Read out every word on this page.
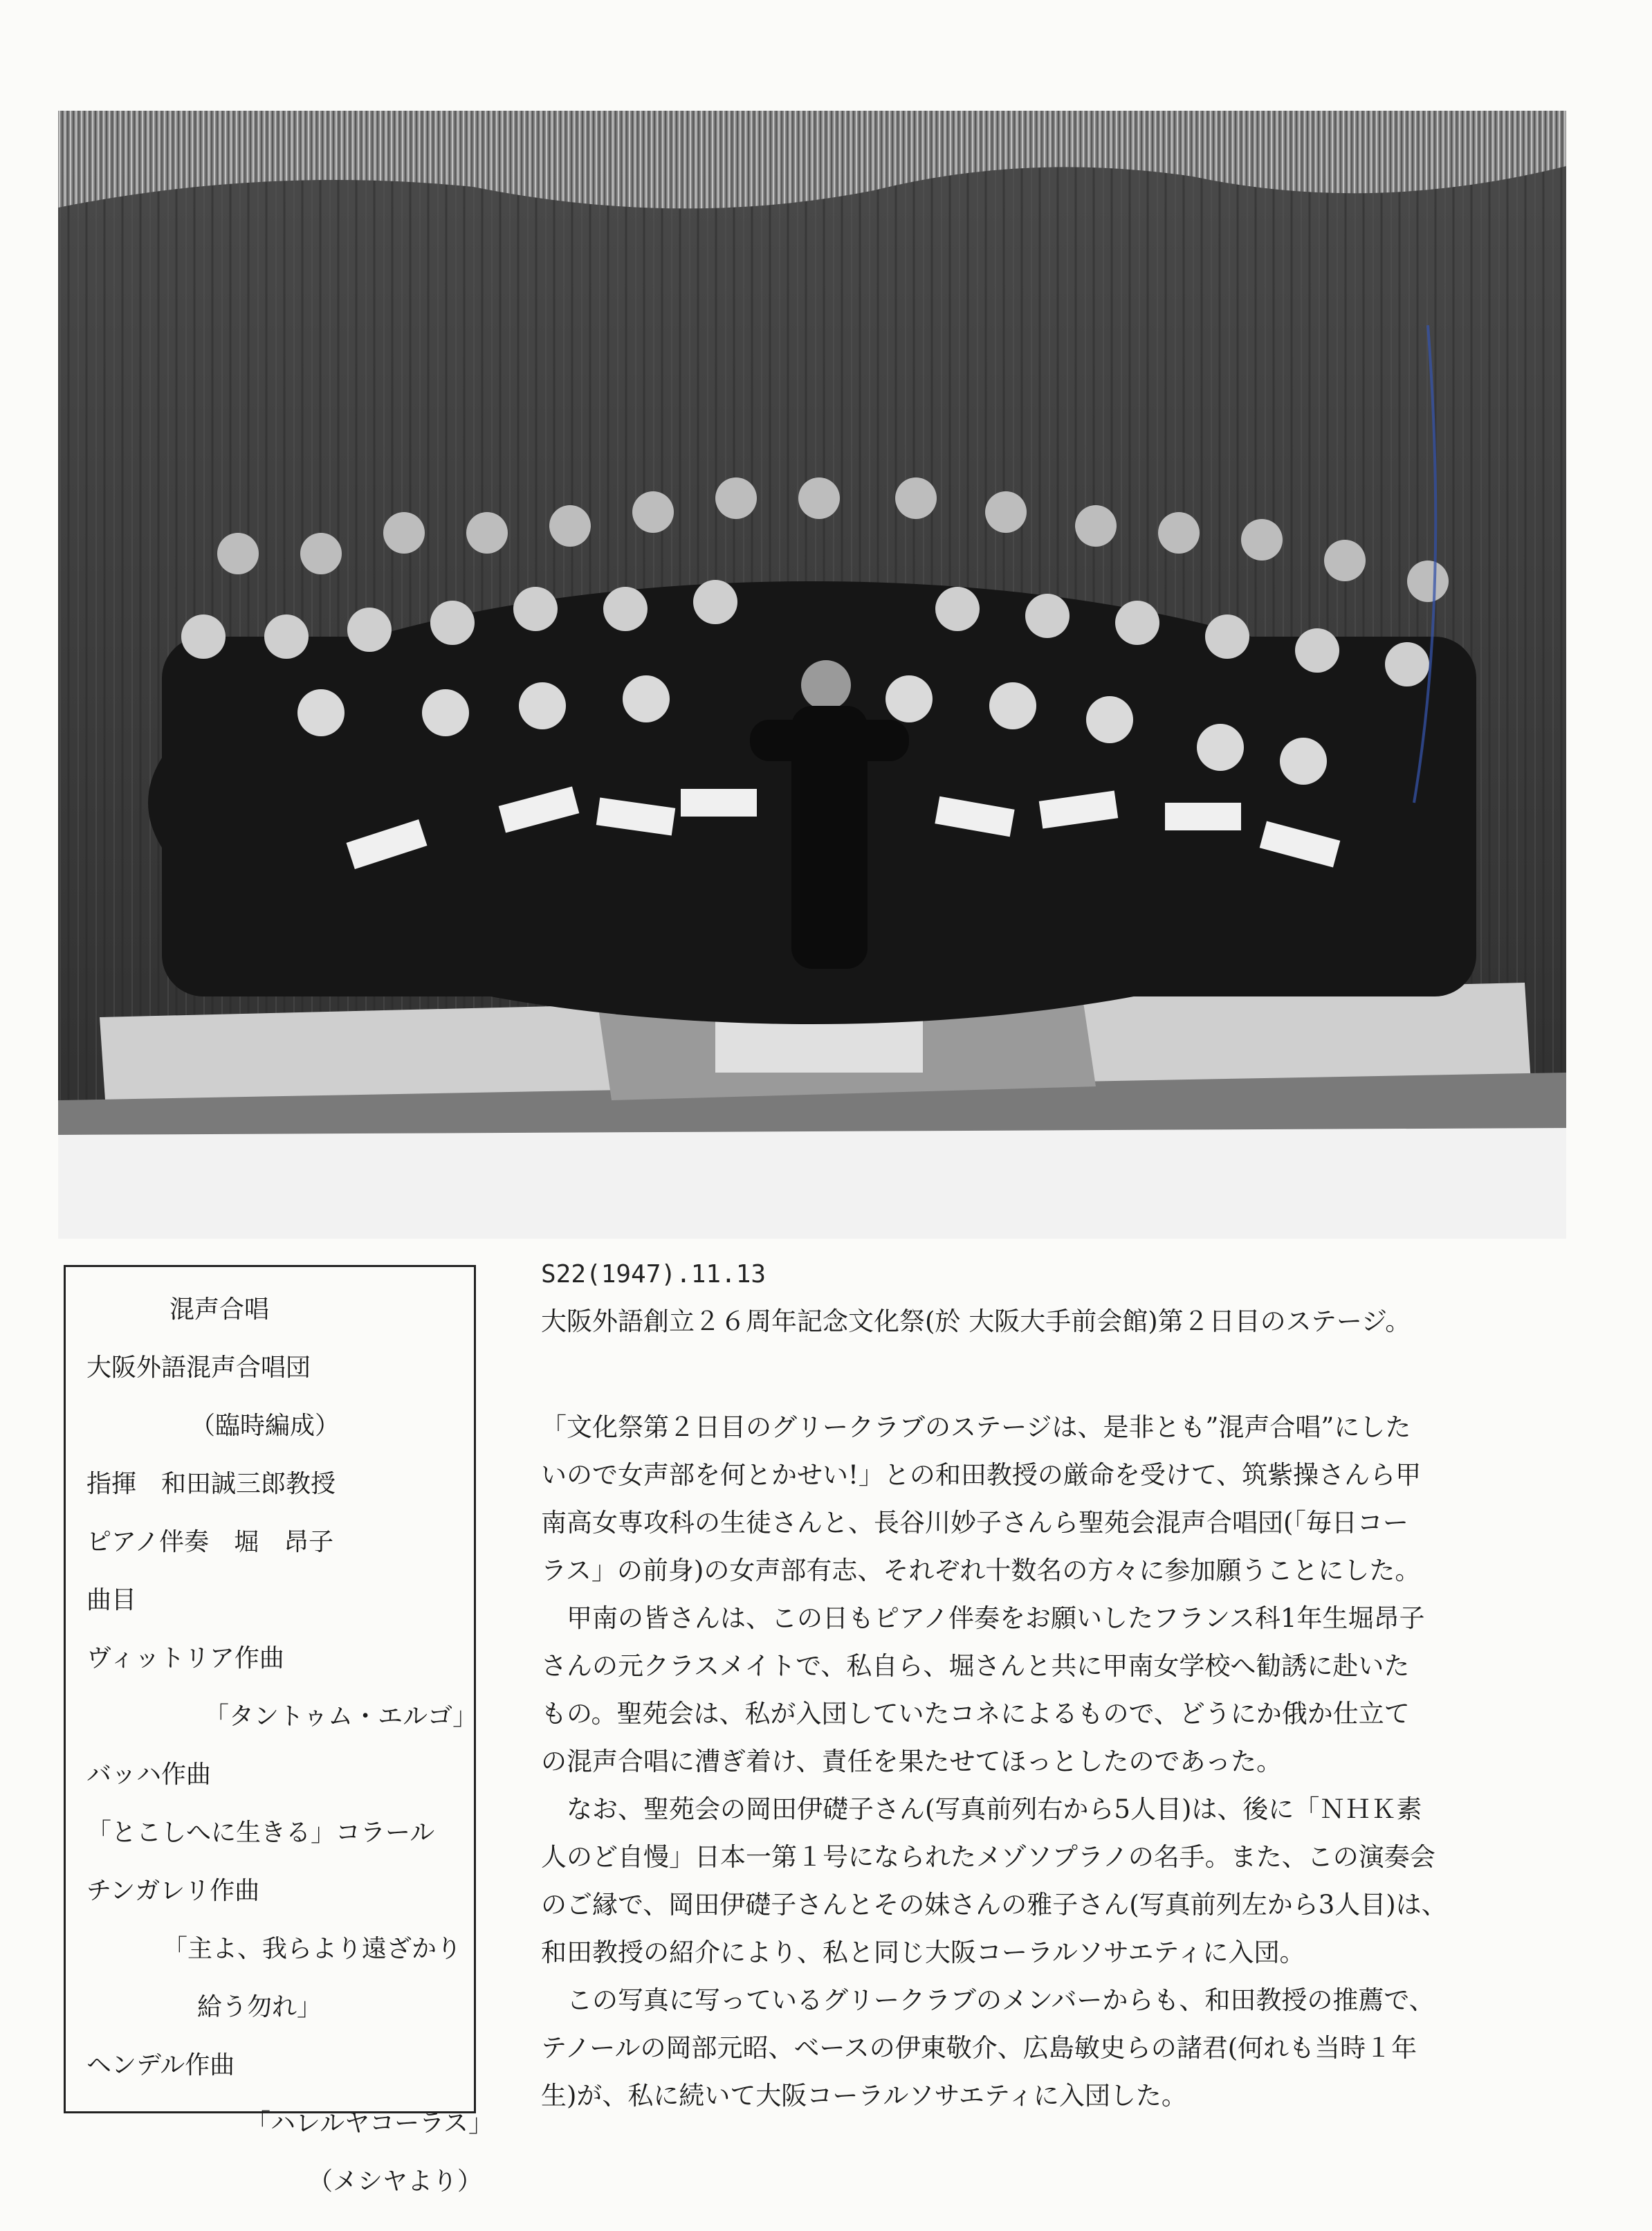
混声合唱
大阪外語混声合唱団
（臨時編成）
指揮　和田誠三郎教授
ピアノ伴奏　堀　昂子
曲目
ヴィットリア作曲
「タントゥム・エルゴ」
バッハ作曲
「とこしへに生きる」コラール
チンガレリ作曲
「主よ、我らより遠ざかり
給う勿れ」
ヘンデル作曲
「ハレルヤコーラス」
（メシヤより）
S22(1947).11.13
大阪外語創立２６周年記念文化祭(於 大阪大手前会館)第２日目のステージ。
「文化祭第２日目のグリークラブのステージは、是非とも”混声合唱”にした
いので女声部を何とかせい!」との和田教授の厳命を受けて、筑紫操さんら甲
南高女専攻科の生徒さんと、長谷川妙子さんら聖苑会混声合唱団(「毎日コー
ラス」の前身)の女声部有志、それぞれ十数名の方々に参加願うことにした。
　甲南の皆さんは、この日もピアノ伴奏をお願いしたフランス科1年生堀昂子
さんの元クラスメイトで、私自ら、堀さんと共に甲南女学校へ勧誘に赴いた
もの。聖苑会は、私が入団していたコネによるもので、どうにか俄か仕立て
の混声合唱に漕ぎ着け、責任を果たせてほっとしたのであった。
　なお、聖苑会の岡田伊礎子さん(写真前列右から5人目)は、後に「ＮＨＫ素
人のど自慢」日本一第１号になられたメゾソプラノの名手。また、この演奏会
のご縁で、岡田伊礎子さんとその妹さんの雅子さん(写真前列左から3人目)は、
和田教授の紹介により、私と同じ大阪コーラルソサエティに入団。
　この写真に写っているグリークラブのメンバーからも、和田教授の推薦で、
テノールの岡部元昭、ベースの伊東敬介、広島敏史らの諸君(何れも当時１年
生)が、私に続いて大阪コーラルソサエティに入団した。
